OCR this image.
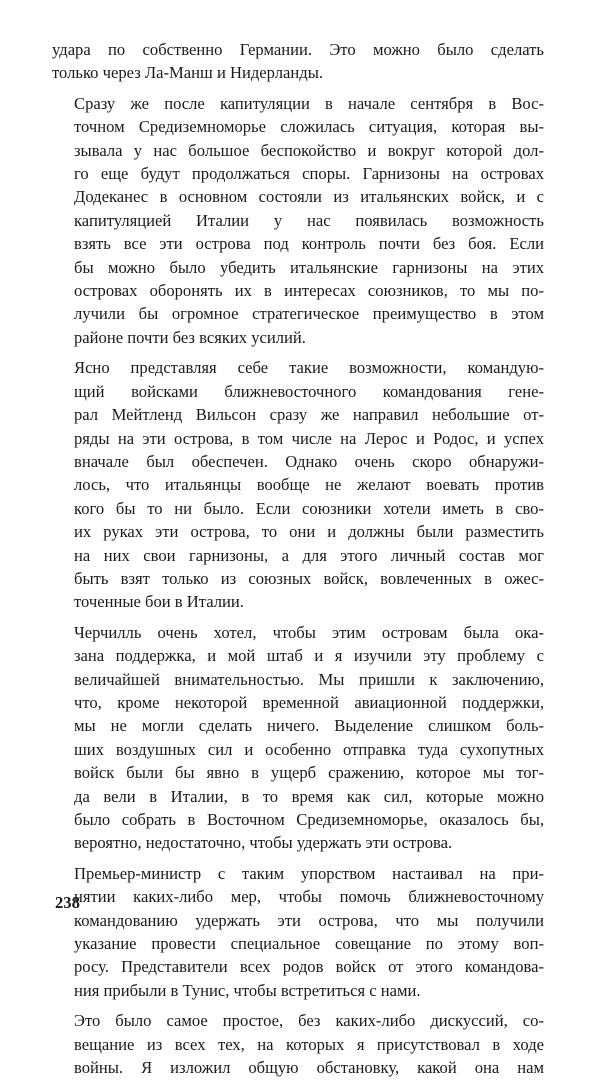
удара по собственно Германии. Это можно было сделать
только через Ла-Манш и Нидерланды.

Сразу же после капитуляции в начале сентября в Вос-
точном Средиземноморье сложилась ситуация, которая вы-
зывала у нас большое беспокойство и вокруг которой дол-
го еще будут продолжаться споры. Гарнизоны на островах
Додеканес в основном состояли из итальянских войск, и с
капитуляцией Италии у нас появилась возможность
взять все эти острова под контроль почти без боя. Если
бы можно было убедить итальянские гарнизоны на этих
островах оборонять их в интересах союзников, то мы по-
лучили бы огромное стратегическое преимущество в этом
районе почти без всяких усилий.

Ясно представляя себе такие возможности, командую-
щий войсками ближневосточного командования гене-
рал Мейтленд Вильсон сразу же направил небольшие от-
ряды на эти острова, в том числе на Лерос и Родос, и успех
вначале был обеспечен. Однако очень скоро обнаружи-
лось, что итальянцы вообще не желают воевать против
кого бы то ни было. Если союзники хотели иметь в сво-
их руках эти острова, то они и должны были разместить
на них свои гарнизоны, а для этого личный состав мог
быть взят только из союзных войск, вовлеченных в ожес-
точенные бои в Италии.

Черчилль очень хотел, чтобы этим островам была ока-
зана поддержка, и мой штаб и я изучили эту проблему с
величайшей внимательностью. Мы пришли к заключению,
что, кроме некоторой временной авиационной поддержки,
мы не могли сделать ничего. Выделение слишком боль-
ших воздушных сил и особенно отправка туда сухопутных
войск были бы явно в ущерб сражению, которое мы тог-
да вели в Италии, в то время как сил, которые можно
было собрать в Восточном Средиземноморье, оказалось бы,
вероятно, недостаточно, чтобы удержать эти острова.

Премьер-министр с таким упорством настаивал на при-
нятии каких-либо мер, чтобы помочь ближневосточному
командованию удержать эти острова, что мы получили
указание провести специальное совещание по этому воп-
росу. Представители всех родов войск от этого командова-
ния прибыли в Тунис, чтобы встретиться с нами.

Это было самое простое, без каких-либо дискуссий, со-
вещание из всех тех, на которых я присутствовал в ходе
войны. Я изложил общую обстановку, какой она нам

238
